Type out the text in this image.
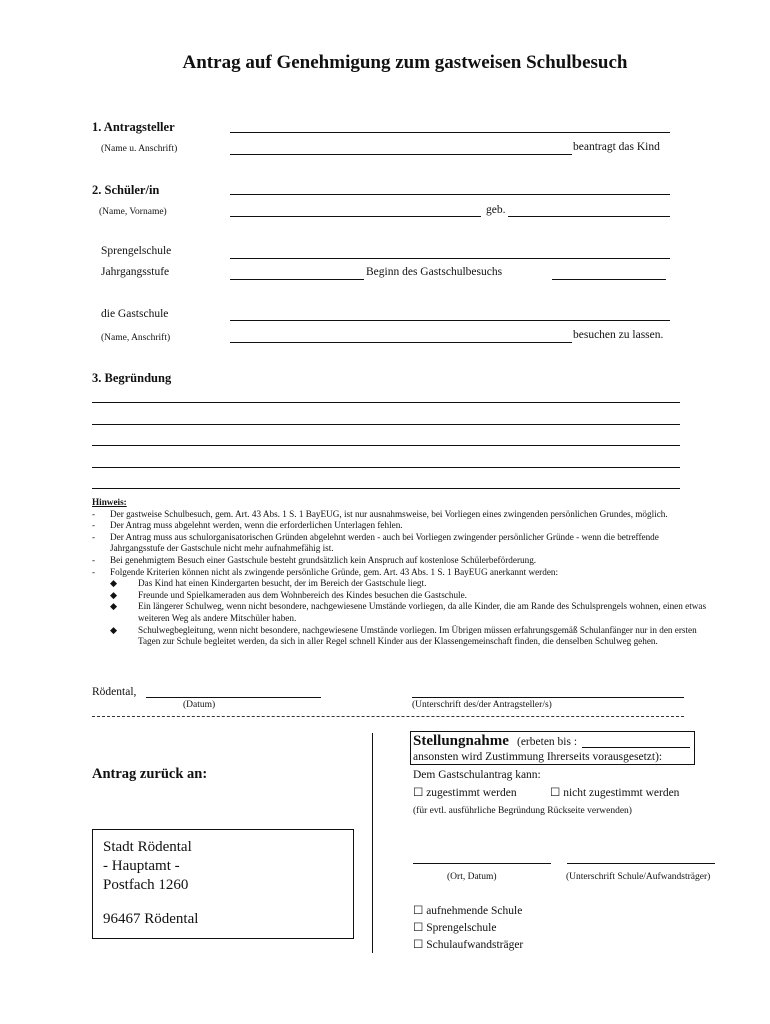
Antrag auf Genehmigung zum gastweisen Schulbesuch
1. Antragsteller
(Name u. Anschrift)	beantragt das Kind
2. Schüler/in
(Name, Vorname)	geb.
Sprengelschule
Jahrgangsstufe	Beginn des Gastschulbesuchs
die Gastschule
(Name, Anschrift)	besuchen zu lassen.
3. Begründung
Hinweis:
- Der gastweise Schulbesuch, gem. Art. 43 Abs. 1 S. 1 BayEUG, ist nur ausnahmsweise, bei Vorliegen eines zwingenden persönlichen Grundes, möglich.
- Der Antrag muss abgelehnt werden, wenn die erforderlichen Unterlagen fehlen.
- Der Antrag muss aus schulorganisatorischen Gründen abgelehnt werden - auch bei Vorliegen zwingender persönlicher Gründe - wenn die betreffende Jahrgangsstufe der Gastschule nicht mehr aufnahmefähig ist.
- Bei genehmigtem Besuch einer Gastschule besteht grundsätzlich kein Anspruch auf kostenlose Schülerbeförderung.
- Folgende Kriterien können nicht als zwingende persönliche Gründe, gem. Art. 43 Abs. 1 S. 1 BayEUG anerkannt werden:
◆ Das Kind hat einen Kindergarten besucht, der im Bereich der Gastschule liegt.
◆ Freunde und Spielkameraden aus dem Wohnbereich des Kindes besuchen die Gastschule.
◆ Ein längerer Schulweg, wenn nicht besondere, nachgewiesene Umstände vorliegen, da alle Kinder, die am Rande des Schulsprengels wohnen, einen etwas weiteren Weg als andere Mitschüler haben.
◆ Schulwegbegleitung, wenn nicht besondere, nachgewiesene Umstände vorliegen. Im Übrigen müssen erfahrungsgemäß Schulanfänger nur in den ersten Tagen zur Schule begleitet werden, da sich in aller Regel schnell Kinder aus der Klassengemeinschaft finden, die denselben Schulweg gehen.
Rödental,
(Datum)	(Unterschrift des/der Antragsteller/s)
Antrag zurück an:
Stadt Rödental
- Hauptamt -
Postfach 1260
96467 Rödental
Stellungnahme (erbeten bis :
ansonsten wird Zustimmung Ihrerseits vorausgesetzt):
Dem Gastschulantrag kann:
☐ zugestimmt werden	☐ nicht zugestimmt werden
(für evtl. ausführliche Begründung Rückseite verwenden)
(Ort, Datum)	(Unterschrift Schule/Aufwandsträger)
☐ aufnehmende Schule
☐ Sprengelschule
☐ Schulaufwandsträger
